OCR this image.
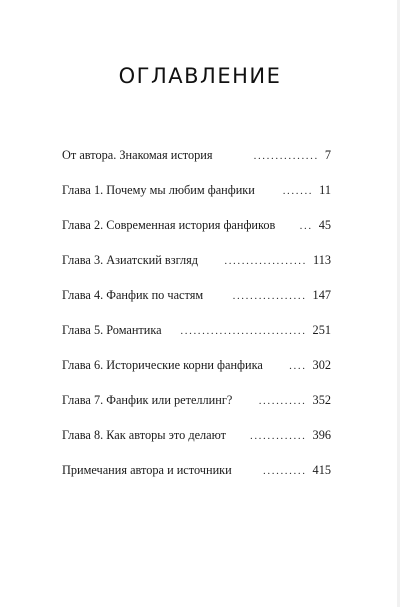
ОГЛАВЛЕНИЕ
От автора. Знакомая история	............... 7
Глава 1. Почему мы любим фанфики	....... 11
Глава 2. Современная история фанфиков	... 45
Глава 3. Азиатский взгляд	................... 113
Глава 4. Фанфик по частям	................. 147
Глава 5. Романтика	............................. 251
Глава 6. Исторические корни фанфика	.... 302
Глава 7. Фанфик или ретеллинг?	........... 352
Глава 8. Как авторы это делают	............. 396
Примечания автора и источники	.......... 415
